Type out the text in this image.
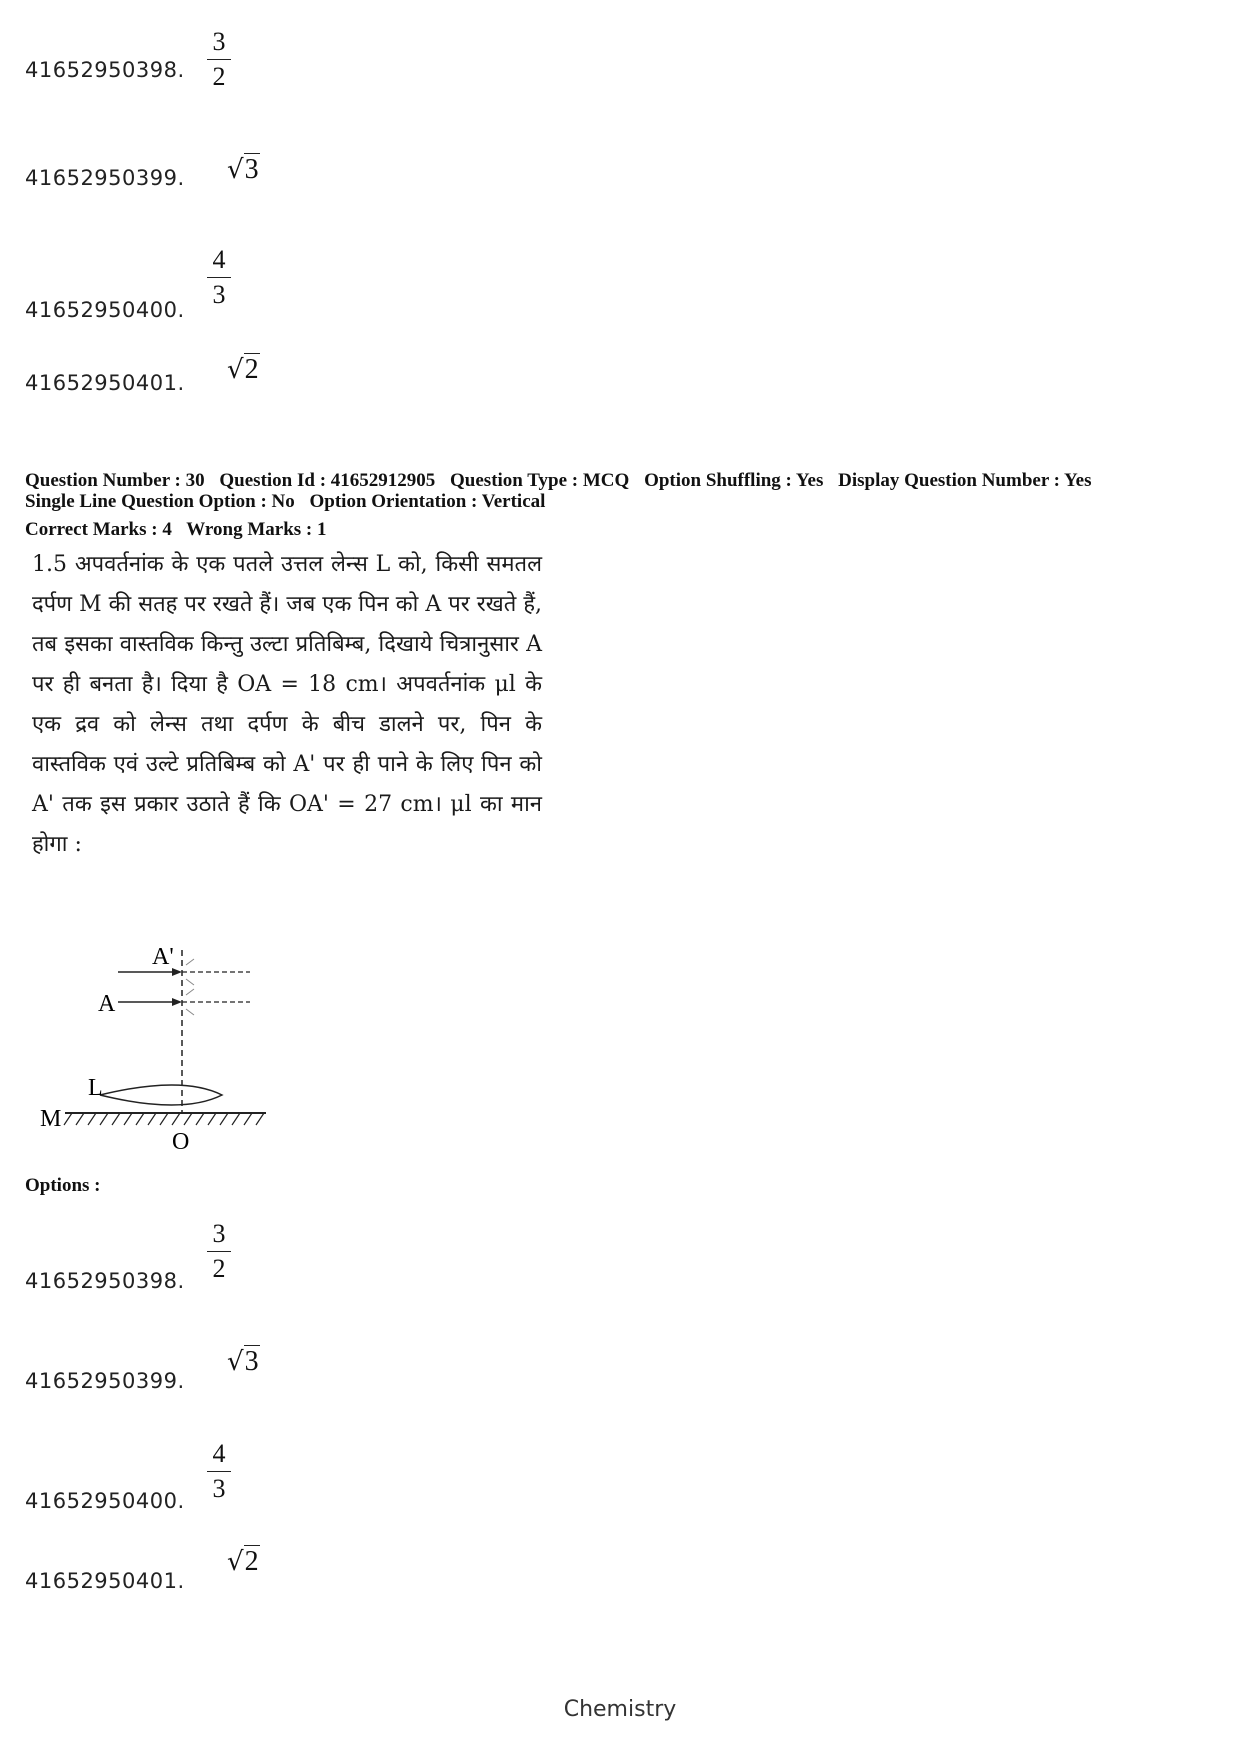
41652950398.
3
2
41652950399. √3
41652950400.
4
3
41652950401. √2
Question Number : 30 Question Id : 41652912905 Question Type : MCQ Option Shuffling : Yes Display Question Number : Yes
Single Line Question Option : No Option Orientation : Vertical
Correct Marks : 4 Wrong Marks : 1
1.5 अपवर्तनांक के एक पतले उत्तल लेन्स L को, किसी समतल दर्पण M की सतह पर रखते हैं। जब एक पिन को A पर रखते हैं, तब इसका वास्तविक किन्तु उल्टा प्रतिबिम्ब, दिखाये चित्रानुसार A पर ही बनता है। दिया है OA = 18 cm। अपवर्तनांक μl के एक द्रव को लेन्स तथा दर्पण के बीच डालने पर, पिन के वास्तविक एवं उल्टे प्रतिबिम्ब को A' पर ही पाने के लिए पिन को A' तक इस प्रकार उठाते हैं कि OA' = 27 cm। μl का मान होगा :
A'
A
L
M
O
Options :
41652950398.
3
2
41652950399.
√3
41652950400.
4
3
41652950401.
√2
Chemistry
